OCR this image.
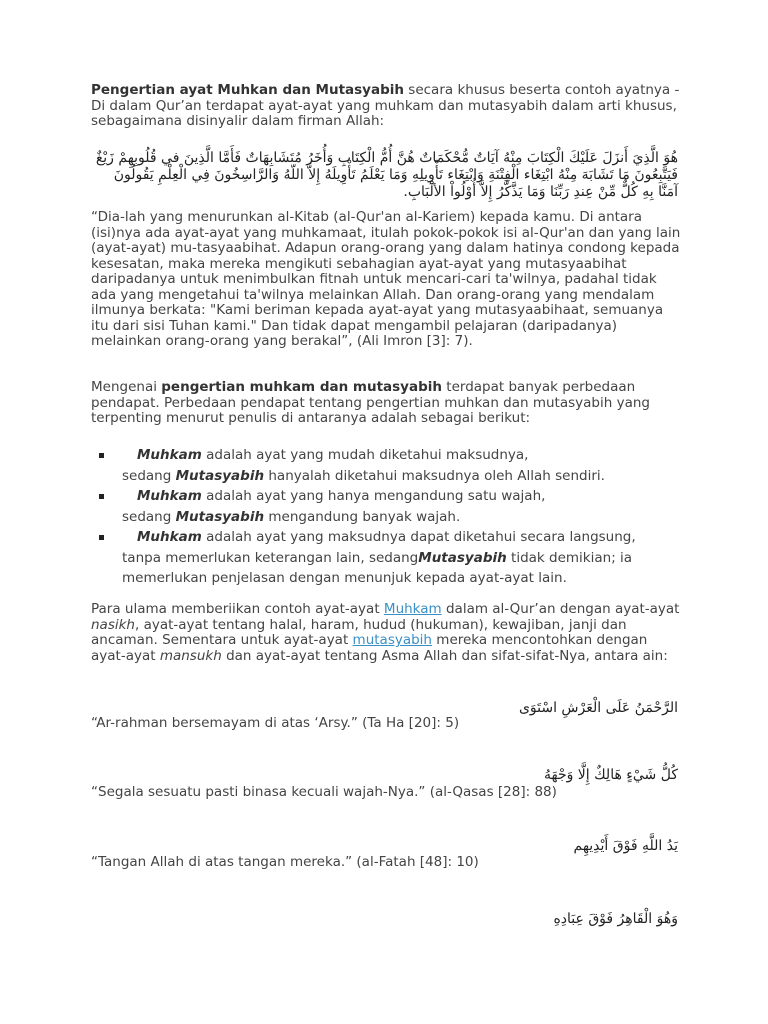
Pengertian ayat Muhkan dan Mutasyabih secara khusus beserta contoh ayatnya - Di dalam Qur’an terdapat ayat-ayat yang muhkam dan mutasyabih dalam arti khusus, sebagaimana disinyalir dalam firman Allah:
هُوَ الَّذِيَ أَنزَلَ عَلَيْكَ الْكِتَابَ مِنْهُ آيَاتٌ مُّحْكَمَاتٌ هُنَّ أُمُّ الْكِتَابِ وَأُخَرُ مُتَشَابِهَاتٌ فَأَمَّا الَّذِينَ في قُلُوبِهِمْ زَيْغٌ فَيَتَّبِعُونَ مَا تَشَابَهَ مِنْهُ ابْتِغَاء الْفِتْنَةِ وَابْتِغَاء تَأْوِيلِهِ وَمَا يَعْلَمُ تَأْوِيلَهُ إِلاَّ اللّهُ وَالرَّاسِخُونَ فِي الْعِلْمِ يَقُولُونَ آمَنَّا بِهِ كُلٌّ مِّنْ عِندِ رَبِّنَا وَمَا يَذَّكَّرُ إِلاَّ أُوْلُواْ الألْبَابِ.
“Dia-lah yang menurunkan al-Kitab (al-Qur'an al-Kariem) kepada kamu. Di antara (isi)nya ada ayat-ayat yang muhkamaat, itulah pokok-pokok isi al-Qur'an dan yang lain (ayat-ayat) mu-tasyaabihat. Adapun orang-orang yang dalam hatinya condong kepada kesesatan, maka mereka mengikuti sebahagian ayat-ayat yang mutasyaabihat daripadanya untuk menimbulkan fitnah untuk mencari-cari ta'wilnya, padahal tidak ada yang mengetahui ta'wilnya melainkan Allah. Dan orang-orang yang mendalam ilmunya berkata: "Kami beriman kepada ayat-ayat yang mutasyaabihaat, semuanya itu dari sisi Tuhan kami." Dan tidak dapat mengambil pelajaran (daripadanya) melainkan orang-orang yang berakal”, (Ali Imron [3]: 7).
Mengenai pengertian muhkam dan mutasyabih terdapat banyak perbedaan pendapat. Perbedaan pendapat tentang pengertian muhkan dan mutasyabih yang terpenting menurut penulis di antaranya adalah sebagai berikut:
Muhkam adalah ayat yang mudah diketahui maksudnya,
sedang Mutasyabih hanyalah diketahui maksudnya oleh Allah sendiri.
Muhkam adalah ayat yang hanya mengandung satu wajah,
sedang Mutasyabih mengandung banyak wajah.
Muhkam adalah ayat yang maksudnya dapat diketahui secara langsung,
tanpa memerlukan keterangan lain, sedangMutasyabih tidak demikian; ia
memerlukan penjelasan dengan menunjuk kepada ayat-ayat lain.
Para ulama memberiikan contoh ayat-ayat Muhkam dalam al-Qur’an dengan ayat-ayat nasikh, ayat-ayat tentang halal, haram, hudud (hukuman), kewajiban, janji dan ancaman. Sementara untuk ayat-ayat mutasyabih mereka mencontohkan dengan ayat-ayat mansukh dan ayat-ayat tentang Asma Allah dan sifat-sifat-Nya, antara ain:
الرَّحْمَنُ عَلَى الْعَرْشِ اسْتَوَى
“Ar-rahman bersemayam di atas ‘Arsy.” (Ta Ha [20]: 5)
كُلُّ شَيْءٍ هَالِكٌ إِلَّا وَجْهَهُ
“Segala sesuatu pasti binasa kecuali wajah-Nya.” (al-Qasas [28]: 88)
يَدُ اللَّهِ فَوْقَ أَيْدِيهِم
“Tangan Allah di atas tangan mereka.” (al-Fatah [48]: 10)
وَهُوَ الْقَاهِرُ فَوْقَ عِبَادِهِ
